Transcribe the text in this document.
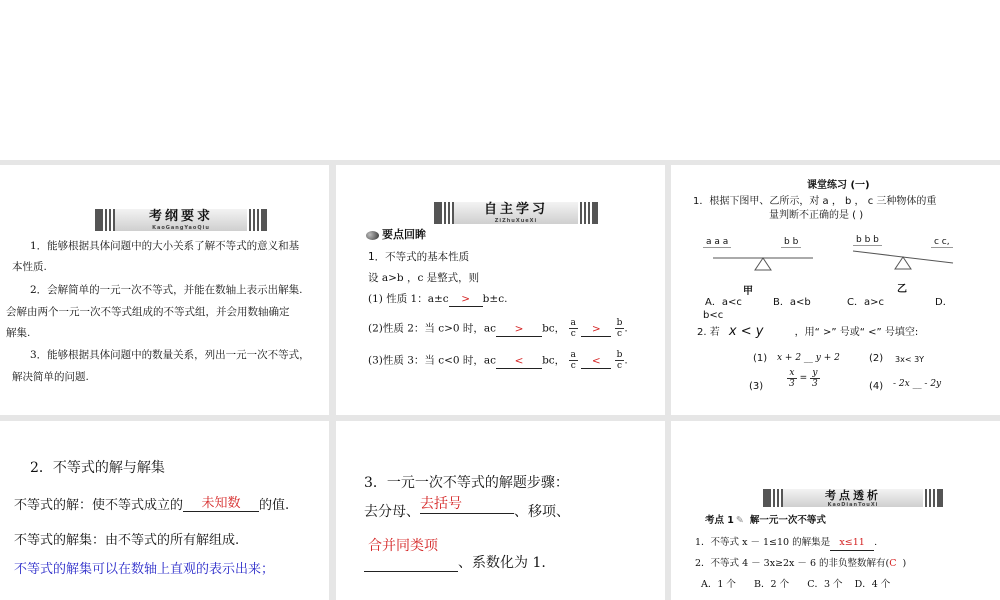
考纲要求
KaoGangYaoQiu
1．能够根据具体问题中的大小关系了解不等式的意义和基
本性质.
2．会解简单的一元一次不等式，并能在数轴上表示出解集.
会解由两个一元一次不等式组成的不等式组，并会用数轴确定
解集.
3．能够根据具体问题中的数量关系，列出一元一次不等式，
解决简单的问题.
自主学习
ZiZhuXueXi
要点回眸
1．不等式的基本性质
设 a>b ，c 是整式，则
(1) 性质 1：a±c > b±c.
(2)性质 2：当 c>0 时，ac > bc， $\frac{a}{c} > \frac{b}{c}$ .
(3)性质 3：当 c<0 时，ac < bc， $\frac{a}{c} < \frac{b}{c}$ .
课堂练习 (一)
1．根据下图甲、乙所示，对 a ， b ， c 三种物体的重
量判断不正确的是 ( )
a a a	b b	b b b	c c,
甲	乙
A．a<c	B．a<b	C．a>c	D．
b<c
2. 若 x < y	，用“ >” 号或“ <” 号填空:
(1) x + 2 __ y + 2	(2) 3x< 3Y
(3)	$\frac{x}{3} = \frac{y}{3}$	(4) - 2x __ - 2y
2．不等式的解与解集
不等式的解：使不等式成立的 未知数 的值.
不等式的解集：由不等式的所有解组成.
不等式的解集可以在数轴上直观的表示出来；
3．一元一次不等式的解题步骤：
去分母、去括号	、移项、
合并同类项
、系数化为 1.
考点透析
KaoDianTouXi
考点 1 ✎ 解一元一次不等式
1．不等式 x － 1≤10 的解集是 x≤11 .
2．不等式 4 － 3x≥2x － 6 的非负整数解有(C )
A．1 个      B．2 个      C．3 个    D．4 个
